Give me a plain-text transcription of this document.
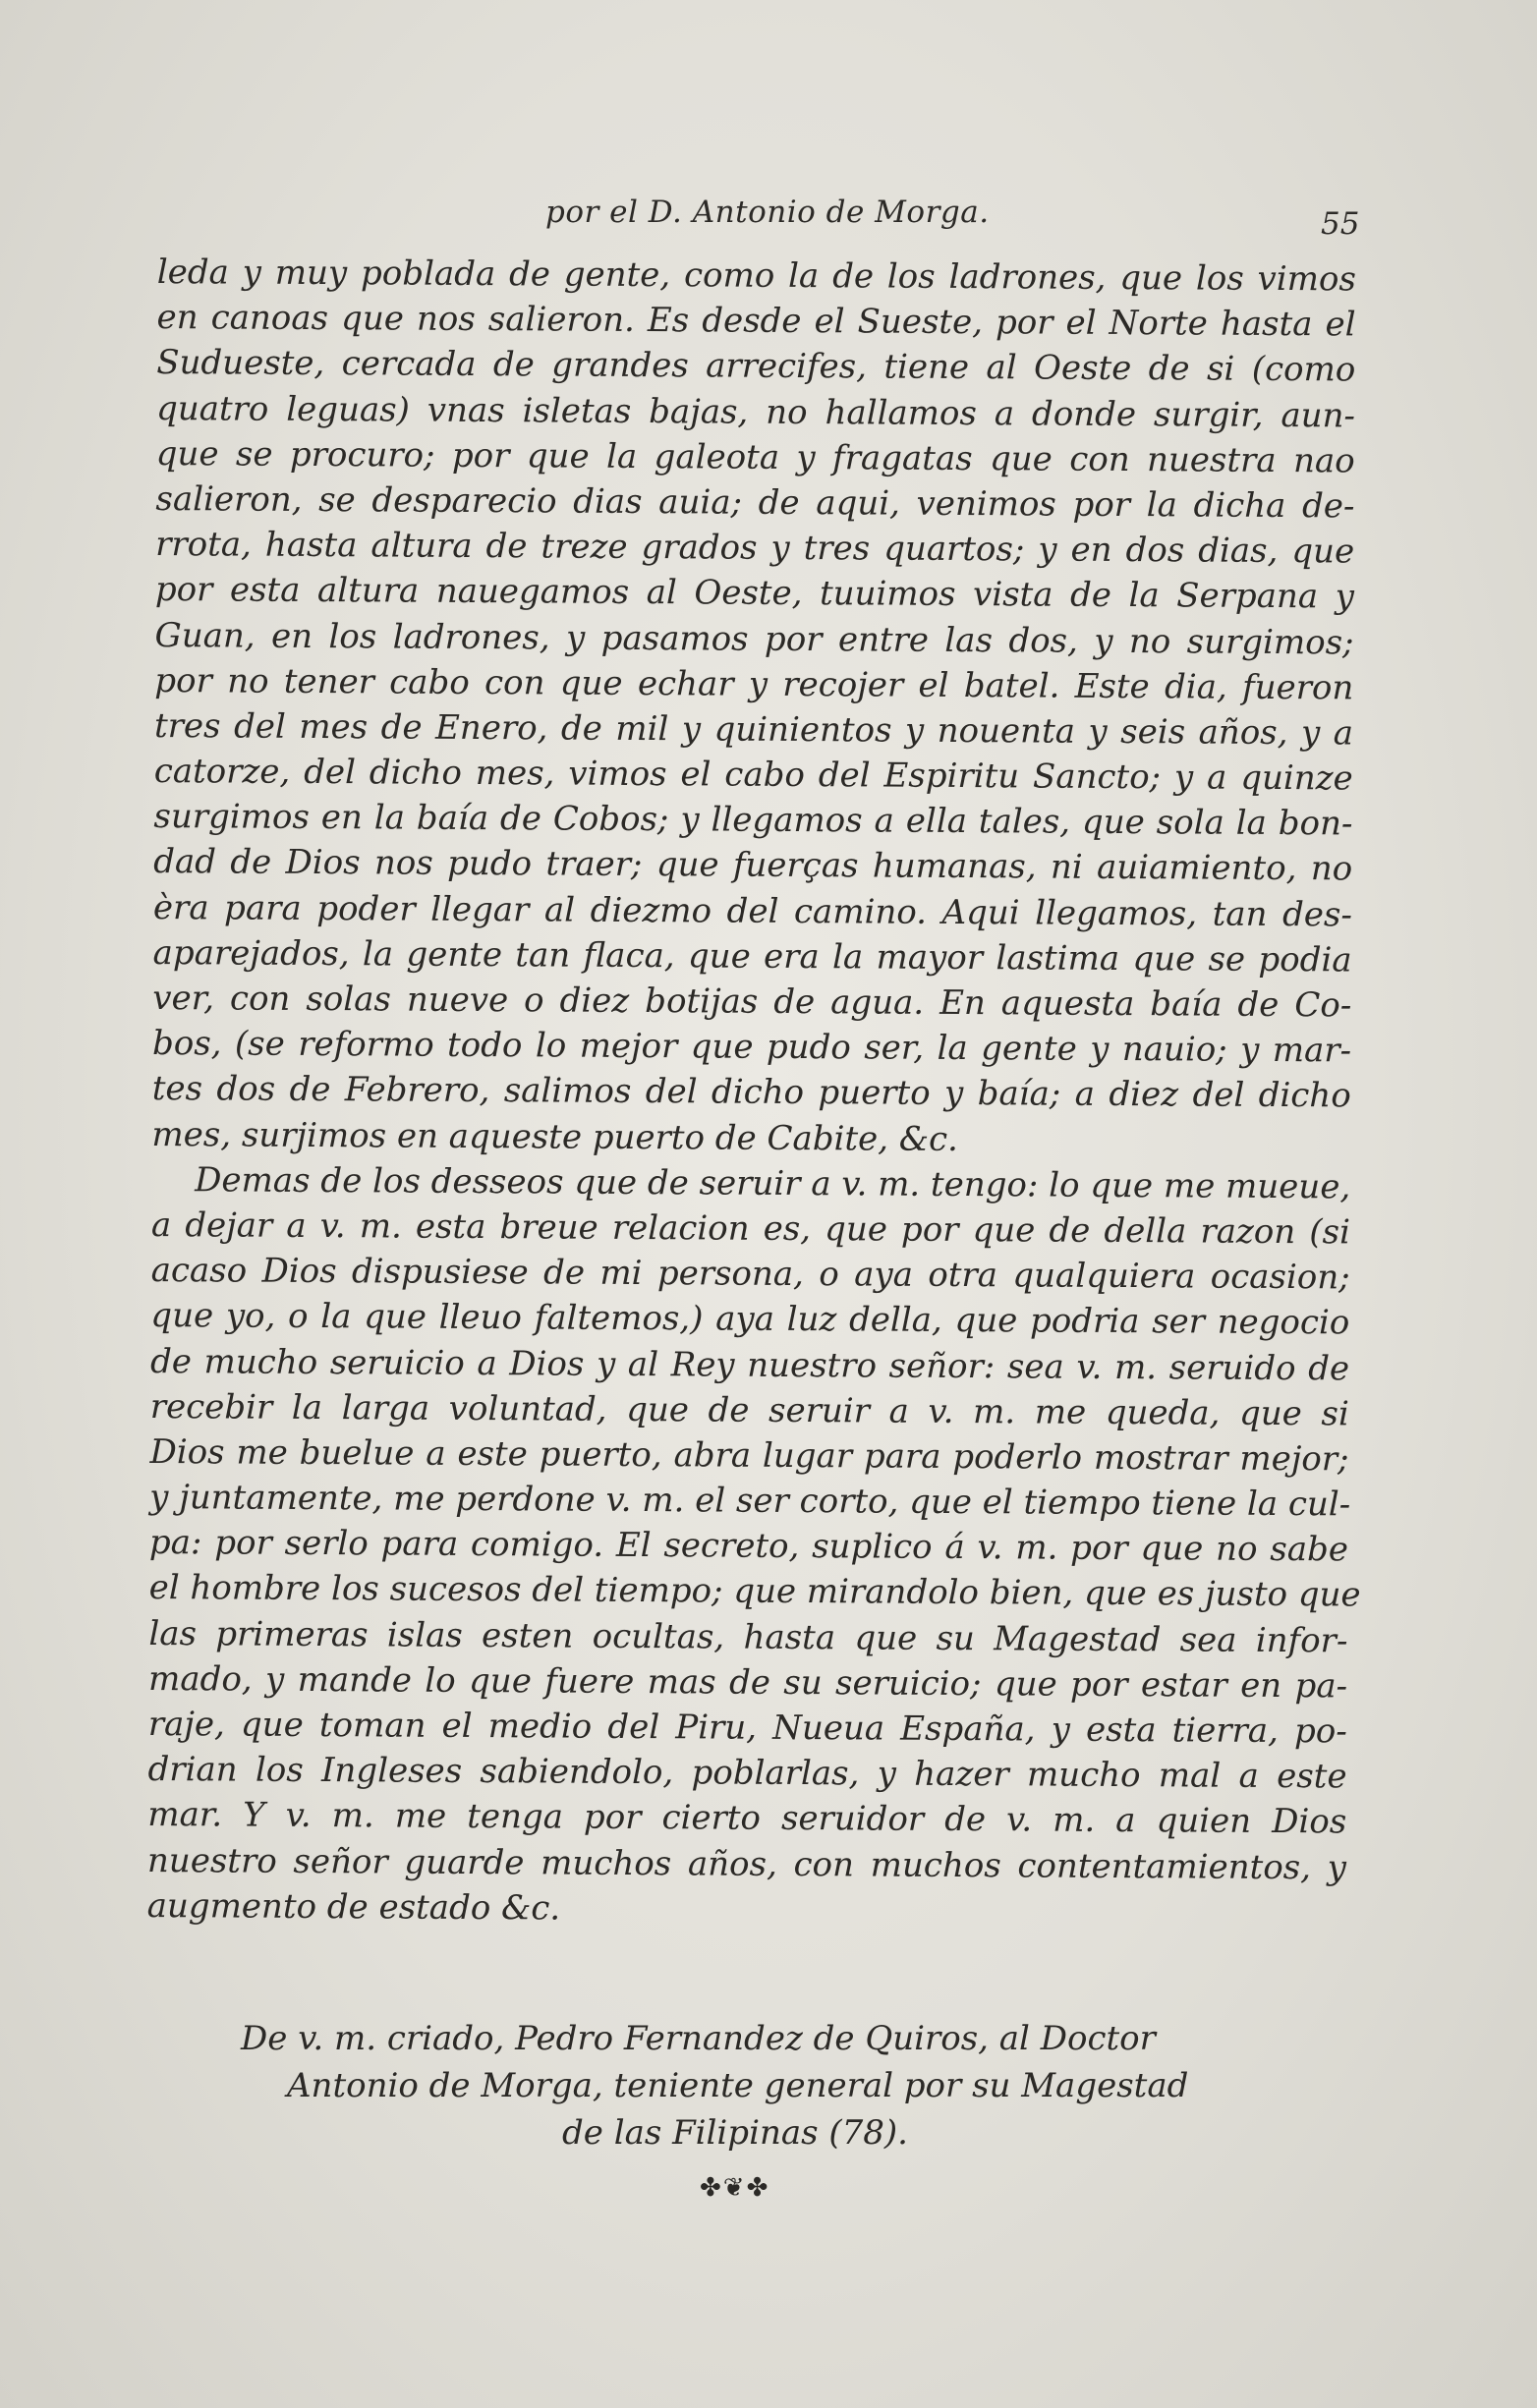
por el D. Antonio de Morga.	55
leda y muy poblada de gente, como la de los ladrones, que los vimos
en canoas que nos salieron. Es desde el Sueste, por el Norte hasta el
Sudueste, cercada de grandes arrecifes, tiene al Oeste de si (como
quatro leguas) vnas isletas bajas, no hallamos a donde surgir, aun-
que se procuro; por que la galeota y fragatas que con nuestra nao
salieron, se desparecio dias auia; de aqui, venimos por la dicha de-
rrota, hasta altura de treze grados y tres quartos; y en dos dias, que
por esta altura nauegamos al Oeste, tuuimos vista de la Serpana y
Guan, en los ladrones, y pasamos por entre las dos, y no surgimos;
por no tener cabo con que echar y recojer el batel. Este dia, fueron
tres del mes de Enero, de mil y quinientos y nouenta y seis años, y a
catorze, del dicho mes, vimos el cabo del Espiritu Sancto; y a quinze
surgimos en la baía de Cobos; y llegamos a ella tales, que sola la bon-
dad de Dios nos pudo traer; que fuerças humanas, ni auiamiento, no
èra para poder llegar al diezmo del camino. Aqui llegamos, tan des-
aparejados, la gente tan flaca, que era la mayor lastima que se podia
ver, con solas nueve o diez botijas de agua. En aquesta baía de Co-
bos, (se reformo todo lo mejor que pudo ser, la gente y nauio; y mar-
tes dos de Febrero, salimos del dicho puerto y baía; a diez del dicho
mes, surjimos en aqueste puerto de Cabite, &c.
Demas de los desseos que de seruir a v. m. tengo: lo que me mueue,
a dejar a v. m. esta breue relacion es, que por que de della razon (si
acaso Dios dispusiese de mi persona, o aya otra qualquiera ocasion;
que yo, o la que lleuo faltemos,) aya luz della, que podria ser negocio
de mucho seruicio a Dios y al Rey nuestro señor: sea v. m. seruido de
recebir la larga voluntad, que de seruir a v. m. me queda, que si
Dios me buelue a este puerto, abra lugar para poderlo mostrar mejor;
y juntamente, me perdone v. m. el ser corto, que el tiempo tiene la cul-
pa: por serlo para comigo. El secreto, suplico á v. m. por que no sabe
el hombre los sucesos del tiempo; que mirandolo bien, que es justo que
las primeras islas esten ocultas, hasta que su Magestad sea infor-
mado, y mande lo que fuere mas de su seruicio; que por estar en pa-
raje, que toman el medio del Piru, Nueua España, y esta tierra, po-
drian los Ingleses sabiendolo, poblarlas, y hazer mucho mal a este
mar. Y v. m. me tenga por cierto seruidor de v. m. a quien Dios
nuestro señor guarde muchos años, con muchos contentamientos, y
augmento de estado &c.
De v. m. criado, Pedro Fernandez de Quiros, al Doctor
Antonio de Morga, teniente general por su Magestad
de las Filipinas (78).
✤❦✤
